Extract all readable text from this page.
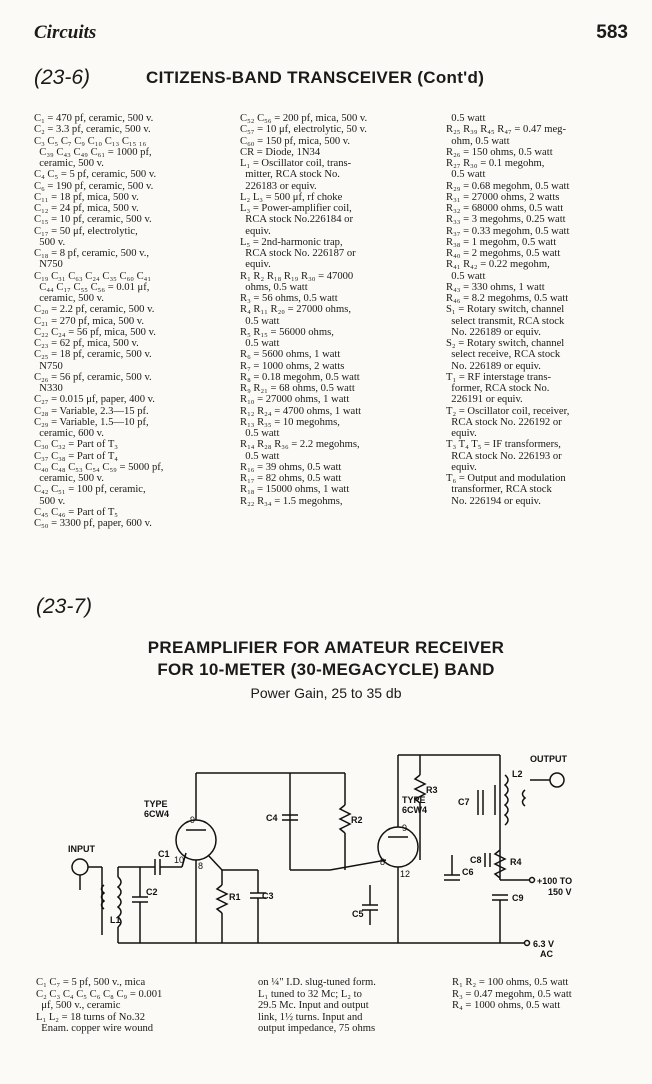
Circuits	583
(23-6)	CITIZENS-BAND TRANSCEIVER (Cont'd)
C₁ = 470 pf, ceramic, 500 v.
C₂ = 3.3 pf, ceramic, 500 v.
C₃ C₅ C₇ C₉ C₁₀ C₁₃ C₁₅ ₁₆
C₃₉ C₄₃ C₄₉ C₆₁ = 1000 pf,
ceramic, 500 v.
C₄ C₅ = 5 pf, ceramic, 500 v.
C₆ = 190 pf, ceramic, 500 v.
C₁₁ = 18 pf, mica, 500 v.
C₁₂ = 24 pf, mica, 500 v.
C₁₅ = 10 pf, ceramic, 500 v.
C₁₇ = 50 μf, electrolytic,
500 v.
C₁₈ = 8 pf, ceramic, 500 v.,
N750
C₁₉ C₃₁ C₆₃ C₂₄ C₃₅ C₆₀ C₄₁
C₄₄ C₁₇ C₅₅ C₅₆ = 0.01 μf,
ceramic, 500 v.
C₂₀ = 2.2 pf, ceramic, 500 v.
C₂₁ = 270 pf, mica, 500 v.
C₂₂ C₂₄ = 56 pf, mica, 500 v.
C₂₃ = 62 pf, mica, 500 v.
C₂₅ = 18 pf, ceramic, 500 v.
N750
C₂₆ = 56 pf, ceramic, 500 v.
N330
C₂₇ = 0.015 μf, paper, 400 v.
C₂₈ = Variable, 2.3—15 pf.
C₂₉ = Variable, 1.5—10 pf,
ceramic, 600 v.
C₃₀ C₃₂ = Part of T₃
C₃₇ C₃₈ = Part of T₄
C₄₀ C₄₈ C₅₃ C₅₄ C₅₉ = 5000 pf,
ceramic, 500 v.
C₄₂ C₅₁ = 100 pf, ceramic,
500 v.
C₄₅ C₄₆ = Part of T₅
C₅₀ = 3300 pf, paper, 600 v.
C₅₂ C₅₆ = 200 pf, mica, 500 v.
C₅₇ = 10 μf, electrolytic, 50 v.
C₆₀ = 150 pf, mica, 500 v.
CR = Diode, 1N34
L₁ = Oscillator coil, trans-
mitter, RCA stock No.
226183 or equiv.
L₂ L₃ = 500 μf, rf choke
L₃ = Power-amplifier coil,
RCA stock No.226184 or
equiv.
L₅ = 2nd-harmonic trap,
RCA stock No. 226187 or
equiv.
R₁ R₂ R₁₈ R₁₉ R₃₀ = 47000
ohms, 0.5 watt
R₃ = 56 ohms, 0.5 watt
R₄ R₁₁ R₂₀ = 27000 ohms,
0.5 watt
R₅ R₁₅ = 56000 ohms,
0.5 watt
R₆ = 5600 ohms, 1 watt
R₇ = 1000 ohms, 2 watts
R₈ = 0.18 megohm, 0.5 watt
R₉ R₂₁ = 68 ohms, 0.5 watt
R₁₀ = 27000 ohms, 1 watt
R₁₂ R₂₄ = 4700 ohms, 1 watt
R₁₃ R₃₅ = 10 megohms,
0.5 watt
R₁₄ R₂₈ R₃₆ = 2.2 megohms,
0.5 watt
R₁₆ = 39 ohms, 0.5 watt
R₁₇ = 82 ohms, 0.5 watt
R₁₈ = 15000 ohms, 1 watt
R₂₂ R₃₄ = 1.5 megohms,
0.5 watt
R₂₅ R₃₉ R₄₅ R₄₇ = 0.47 meg-
ohm, 0.5 watt
R₂₆ = 150 ohms, 0.5 watt
R₂₇ R₃₀ = 0.1 megohm,
0.5 watt
R₂₉ = 0.68 megohm, 0.5 watt
R₃₁ = 27000 ohms, 2 watts
R₃₂ = 68000 ohms, 0.5 watt
R₃₃ = 3 megohms, 0.25 watt
R₃₇ = 0.33 megohm, 0.5 watt
R₃₈ = 1 megohm, 0.5 watt
R₄₀ = 2 megohms, 0.5 watt
R₄₁ R₄₂ = 0.22 megohm,
0.5 watt
R₄₃ = 330 ohms, 1 watt
R₄₆ = 8.2 megohms, 0.5 watt
S₁ = Rotary switch, channel
select transmit, RCA stock
No. 226189 or equiv.
S₂ = Rotary switch, channel
select receive, RCA stock
No. 226189 or equiv.
T₁ = RF interstage trans-
former, RCA stock No.
226191 or equiv.
T₂ = Oscillator coil, receiver,
RCA stock No. 226192 or
equiv.
T₃ T₄ T₅ = IF transformers,
RCA stock No. 226193 or
equiv.
T₆ = Output and modulation
transformer, RCA stock
No. 226194 or equiv.
(23-7)
PREAMPLIFIER FOR AMATEUR RECEIVER
FOR 10-METER (30-MEGACYCLE) BAND
Power Gain, 25 to 35 db
TYPE
6CW4
TYPE
6CW4
INPUT
OUTPUT
C1
C2	C3
C4
C5
C6
C7
C8
C9
R1
R2
R3
R4
L1
L2
+100 TO
150 V
6.3 V
AC
9
10
8
9
8
12
C₁ C₇ = 5 pf, 500 v., mica
C₂ C₃ C₄ C₅ C₆ C₈ C₉ = 0.001
μf, 500 v., ceramic
L₁ L₂ = 18 turns of No.32
Enam. copper wire wound
on ¼" I.D. slug-tuned form.
L₁ tuned to 32 Mc; L₂ to
29.5 Mc. Input and output
link, 1½ turns. Input and
output impedance, 75 ohms
R₁ R₂ = 100 ohms, 0.5 watt
R₃ = 0.47 megohm, 0.5 watt
R₄ = 1000 ohms, 0.5 watt
